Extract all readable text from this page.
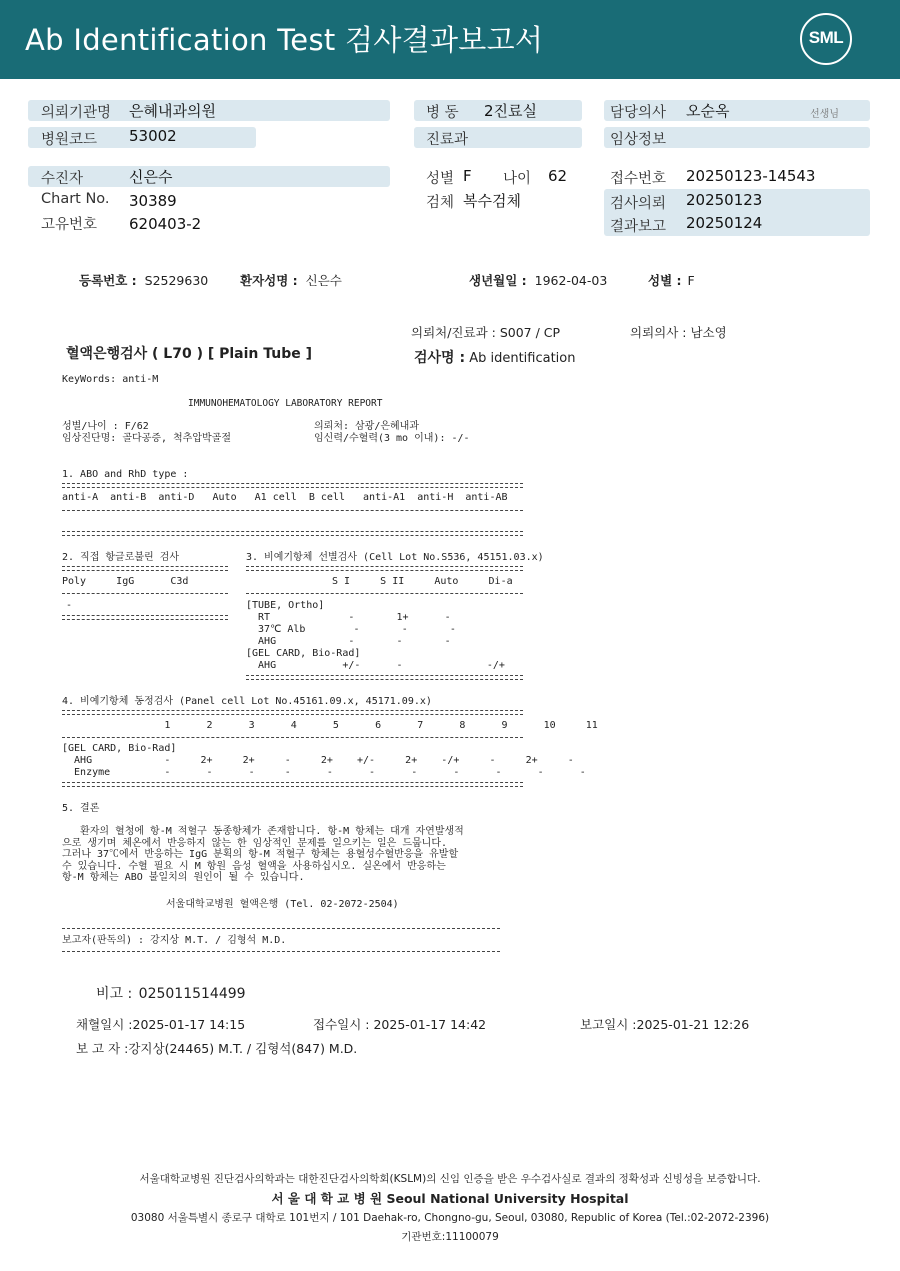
Ab Identification Test 검사결과보고서	SML
의뢰기관명 은혜내과의원
병원코드 53002
병 동 2진료실
진료과
담당의사 오순옥	선생님
임상정보
수진자	신은수
Chart No. 30389
고유번호 620403-2
성별 F 나이 62
검체 복수검체
접수번호 20250123-14543
검사의뢰 20250123
결과보고 20250124
등록번호 : S2529630	환자성명 : 신은수	생년월일 : 1962-04-03	성별 : F
의뢰처/진료과 : S007 / CP	의뢰의사 : 남소영
혈액은행검사 ( L70 ) [ Plain Tube ]	검사명 : Ab identification
KeyWords: anti-M
IMMUNOHEMATOLOGY LABORATORY REPORT
성별/나이 : F/62	의뢰처: 삼광/은혜내과
임상진단명: 골다공증, 척추압박골절	임신력/수혈력(3 mo 이내): -/-
1. ABO and RhD type :
anti-A  anti-B  anti-D   Auto   A1 cell  B cell   anti-A1  anti-H  anti-AB
2. 직접 항글로불린 검사	3. 비예기항체 선별검사 (Cell Lot No.S536, 45151.03.x)
Poly     IgG      C3d	S I     S II     Auto     Di-a
-	[TUBE, Ortho]
RT             -       1+      -
37℃ Alb        -       -       -
AHG            -       -       -
[GEL CARD, Bio-Rad]
AHG           +/-      -              -/+
4. 비예기항체 동정검사 (Panel cell Lot No.45161.09.x, 45171.09.x)
1      2      3      4      5      6      7      8      9      10     11
[GEL CARD, Bio-Rad]
AHG            -     2+     2+     -     2+    +/-     2+    -/+     -     2+     -
Enzyme         -      -      -     -      -      -      -      -      -      -      -
5. 결론
환자의 혈청에 항-M 적혈구 동종항체가 존재합니다. 항-M 항체는 대개 자연발생적
으로 생기며 체온에서 반응하지 않는 한 임상적인 문제를 일으키는 일은 드뭅니다.
그러나 37℃에서 반응하는 IgG 분획의 항-M 적혈구 항체는 용혈성수혈반응을 유발할
수 있습니다. 수혈 필요 시 M 항원 음성 혈액을 사용하십시오. 실온에서 반응하는
항-M 항체는 ABO 불일치의 원인이 될 수 있습니다.
서울대학교병원 혈액은행 (Tel. 02-2072-2504)
보고자(판독의) : 강지상 M.T. / 김형석 M.D.
비고 : 025011514499
채혈일시 :2025-01-17 14:15	접수일시 : 2025-01-17 14:42	보고일시 :2025-01-21 12:26
보 고 자 :강지상(24465) M.T. / 김형석(847) M.D.
서울대학교병원 진단검사의학과는 대한진단검사의학회(KSLM)의 신임 인증을 받은 우수검사실로 결과의 정확성과 신빙성을 보증합니다.
서 울 대 학 교 병 원 Seoul National University Hospital
03080 서울특별시 종로구 대학로 101번지 / 101 Daehak-ro, Chongno-gu, Seoul, 03080, Republic of Korea (Tel.:02-2072-2396)
기관번호:11100079
